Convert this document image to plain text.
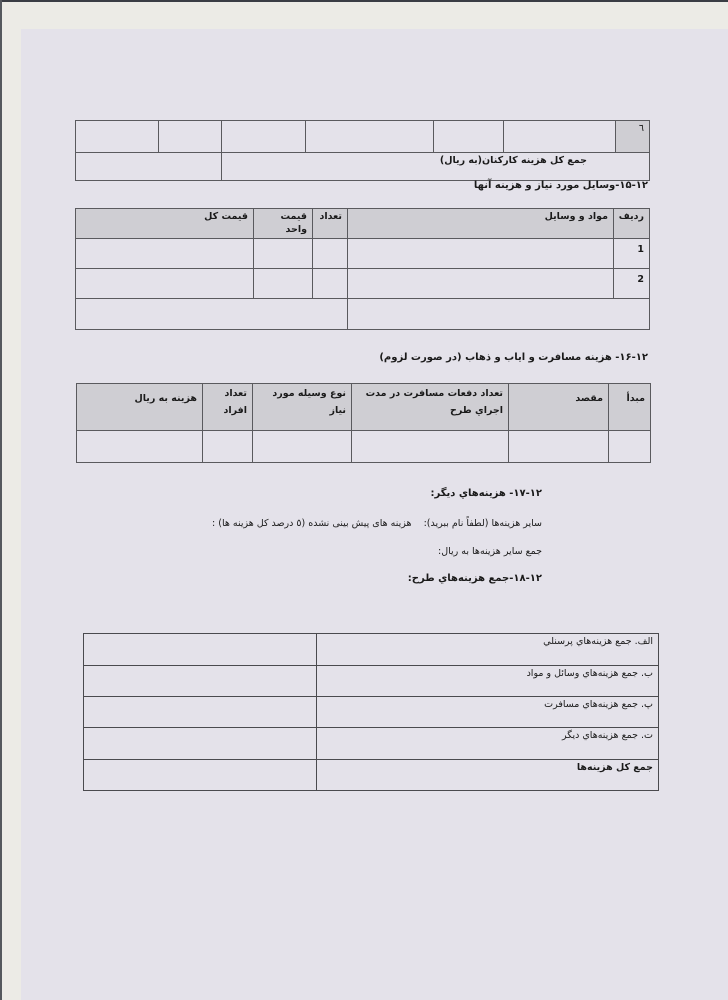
٦						
جمع کل هزینه کارکنان(به ریال)						
۱۵-۱۲-وسایل مورد نیاز و هزینه آنها
ردیف	مواد و وسایل	تعداد	قیمت واحد	قیمت کل
1				
2				

۱۶-۱۲- هزینه مسافرت و ایاب و ذهاب (در صورت لزوم)
مبدأ	مقصد	تعداد دفعات مسافرت در مدت اجراي طرح	نوع وسیله مورد نیاز	تعداد افراد	هزینه به ریال

۱۷-۱۲- هزینه‌هاي دیگر:
سایر هزینه‌ها (لطفاً نام ببرید):    هزینه های پیش بینی نشده (٥ درصد کل هزینه ها) :
جمع سایر هزینه‌ها به ریال:
۱۸-۱۲-جمع هزینه‌هاي طرح:
الف. جمع هزینه‌هاي پرسنلي	
ب. جمع هزینه‌هاي وسائل و مواد	
پ. جمع هزینه‌هاي مسافرت	
ت. جمع هزینه‌هاي دیگر	
جمع کل هزینه‌ها	
